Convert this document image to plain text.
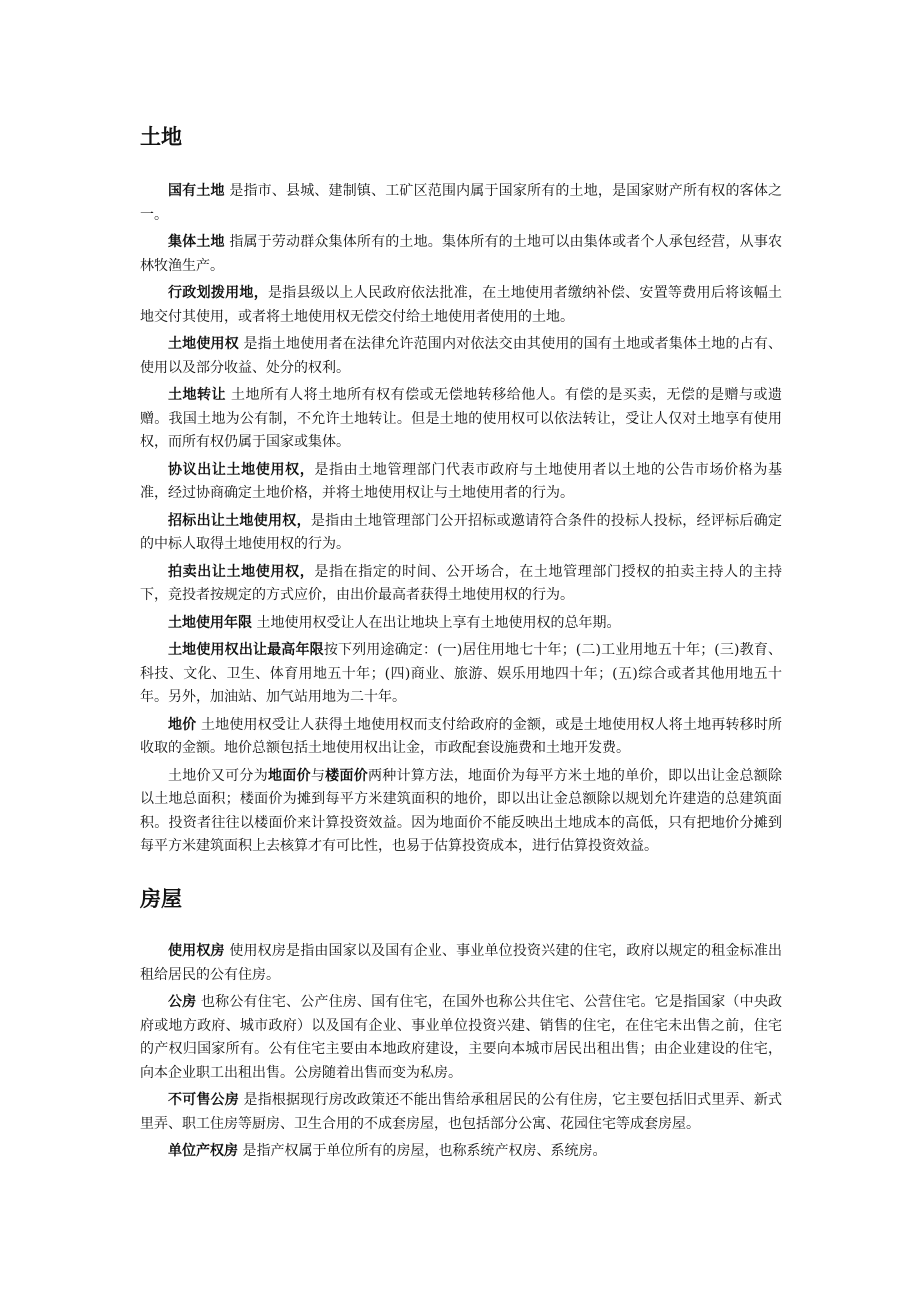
土地

国有土地 是指市、县城、建制镇、工矿区范围内属于国家所有的土地，是国家财产所有权的客体之一。

集体土地 指属于劳动群众集体所有的土地。集体所有的土地可以由集体或者个人承包经营，从事农林牧渔生产。

行政划拨用地，是指县级以上人民政府依法批准，在土地使用者缴纳补偿、安置等费用后将该幅土地交付其使用，或者将土地使用权无偿交付给土地使用者使用的土地。

土地使用权 是指土地使用者在法律允许范围内对依法交由其使用的国有土地或者集体土地的占有、使用以及部分收益、处分的权利。

土地转让 土地所有人将土地所有权有偿或无偿地转移给他人。有偿的是买卖，无偿的是赠与或遗赠。我国土地为公有制，不允许土地转让。但是土地的使用权可以依法转让，受让人仅对土地享有使用权，而所有权仍属于国家或集体。

协议出让土地使用权，是指由土地管理部门代表市政府与土地使用者以土地的公告市场价格为基准，经过协商确定土地价格，并将土地使用权让与土地使用者的行为。

招标出让土地使用权，是指由土地管理部门公开招标或邀请符合条件的投标人投标，经评标后确定的中标人取得土地使用权的行为。

拍卖出让土地使用权，是指在指定的时间、公开场合，在土地管理部门授权的拍卖主持人的主持下，竞投者按规定的方式应价，由出价最高者获得土地使用权的行为。

土地使用年限 土地使用权受让人在出让地块上享有土地使用权的总年期。

土地使用权出让最高年限按下列用途确定：(一)居住用地七十年；(二)工业用地五十年；(三)教育、科技、文化、卫生、体育用地五十年；(四)商业、旅游、娱乐用地四十年；(五)综合或者其他用地五十年。另外，加油站、加气站用地为二十年。

地价 土地使用权受让人获得土地使用权而支付给政府的金额，或是土地使用权人将土地再转移时所收取的金额。地价总额包括土地使用权出让金，市政配套设施费和土地开发费。

土地价又可分为地面价与楼面价两种计算方法，地面价为每平方米土地的单价，即以出让金总额除以土地总面积；楼面价为摊到每平方米建筑面积的地价，即以出让金总额除以规划允许建造的总建筑面积。投资者往往以楼面价来计算投资效益。因为地面价不能反映出土地成本的高低，只有把地价分摊到每平方米建筑面积上去核算才有可比性，也易于估算投资成本，进行估算投资效益。

房屋

使用权房 使用权房是指由国家以及国有企业、事业单位投资兴建的住宅，政府以规定的租金标准出租给居民的公有住房。

公房 也称公有住宅、公产住房、国有住宅，在国外也称公共住宅、公营住宅。它是指国家（中央政府或地方政府、城市政府）以及国有企业、事业单位投资兴建、销售的住宅，在住宅未出售之前，住宅的产权归国家所有。公有住宅主要由本地政府建设，主要向本城市居民出租出售；由企业建设的住宅，向本企业职工出租出售。公房随着出售而变为私房。

不可售公房 是指根据现行房改政策还不能出售给承租居民的公有住房，它主要包括旧式里弄、新式里弄、职工住房等厨房、卫生合用的不成套房屋，也包括部分公寓、花园住宅等成套房屋。

单位产权房 是指产权属于单位所有的房屋，也称系统产权房、系统房。
